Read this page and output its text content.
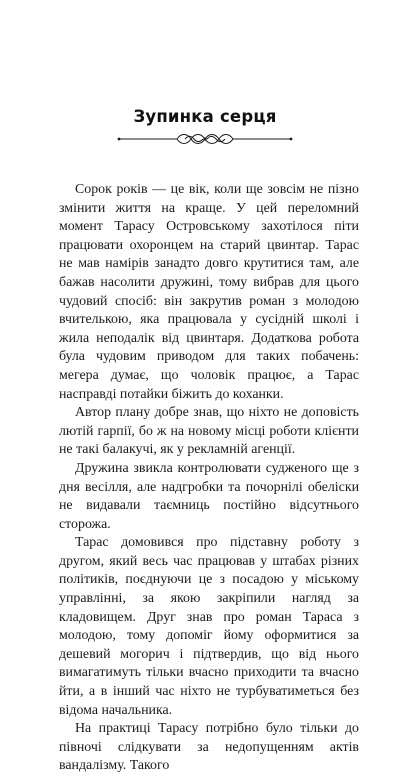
Зупинка серця

Сорок років — це вік, коли ще зовсім не пізно змінити життя на краще. У цей переломний момент Тарасу Островському захотілося піти працювати охоронцем на старий цвинтар. Тарас не мав намірів занадто довго крутитися там, але бажав насолити дружині, тому вибрав для цього чудовий спосіб: він закрутив роман з молодою вчителькою, яка працювала у сусідній школі і жила неподалік від цвинтаря. Додаткова робота була чудовим приводом для таких побачень: мегера думає, що чоловік працює, а Тарас насправді потайки біжить до коханки.

Автор плану добре знав, що ніхто не доповість лютій гарпії, бо ж на новому місці роботи клієнти не такі балакучі, як у рекламній агенції.

Дружина звикла контролювати судженого ще з дня весілля, але надгробки та почорнілі обеліски не видавали таємниць постійно відсутнього сторожа.

Тарас домовився про підставну роботу з другом, який весь час працював у штабах різних політиків, поєднуючи це з посадою у міському управлінні, за якою закріпили нагляд за кладовищем. Друг знав про роман Тараса з молодою, тому допоміг йому оформитися за дешевий могорич і підтвердив, що від нього вимагатимуть тільки вчасно приходити та вчасно йти, а в інший час ніхто не турбуватиметься без відома начальника.

На практиці Тарасу потрібно було тільки до півночі слідкувати за недопущенням актів вандалізму. Такого
